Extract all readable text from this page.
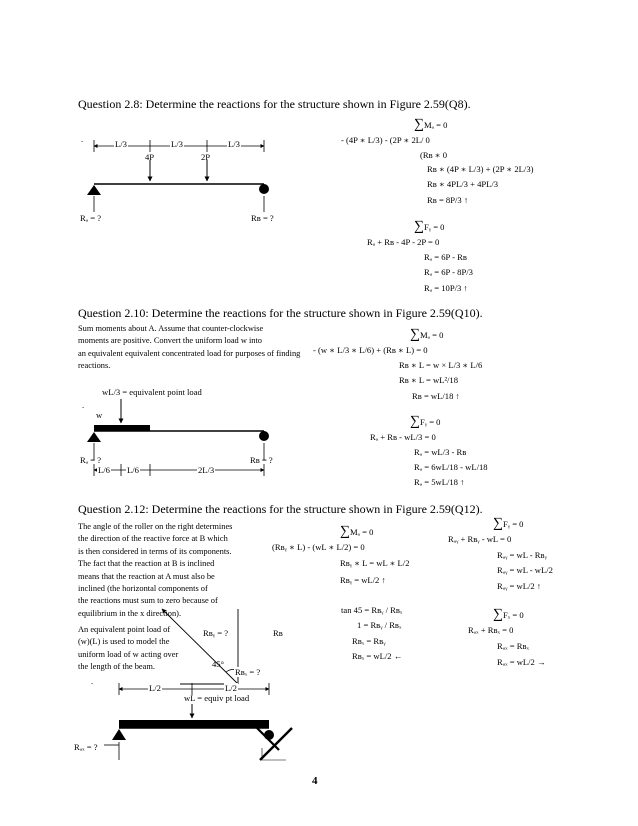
Question 2.8: Determine the reactions for the structure shown in Figure 2.59(Q8).
.	L/3	L/3	L/3
4P	2P
Rₐ = ?	Rʙ = ?
∑Mₐ = 0
- (4P ∗ L/3) - (2P ∗ 2L/ 0
(Rʙ ∗ 0
Rʙ ∗ (4P ∗ L/3) + (2P ∗ 2L/3)
Rʙ ∗ 4PL/3 + 4PL/3
Rʙ = 8P/3 ↑
∑Fᵧ = 0
Rₐ + Rʙ - 4P - 2P = 0
Rₐ = 6P - Rʙ
Rₐ = 6P - 8P/3
Rₐ = 10P/3 ↑
Question 2.10: Determine the reactions for the structure shown in Figure 2.59(Q10).
Sum moments about A. Assume that counter-clockwise
moments are positive. Convert the uniform load w into
an equivalent equivalent concentrated load for purposes of finding
reactions.
wL/3 = equivalent point load
.
w
Rₐ = ?	Rʙ = ?
L/6 L/6	2L/3
∑Mₐ = 0
- (w ∗ L/3 ∗ L/6) + (Rʙ ∗ L) = 0
Rʙ ∗ L = w × L/3 ∗ L/6
Rʙ ∗ L = wL²/18
Rʙ = wL/18 ↑
∑Fᵧ = 0
Rₐ + Rʙ - wL/3 = 0
Rₐ = wL/3 - Rʙ
Rₐ = 6wL/18 - wL/18
Rₐ = 5wL/18 ↑
Question 2.12: Determine the reactions for the structure shown in Figure 2.59(Q12).
The angle of the roller on the right determines
the direction of the reactive force at B which
is then considered in terms of its components.
The fact that the reaction at B is inclined
means that the reaction at A must also be
inclined (the horizontal components of
the reactions must sum to zero because of
equilibrium in the x direction).
An equivalent point load of
(w)(L) is used to model the
uniform load of w acting over
the length of the beam.
Rʙᵧ = ?	Rʙ
45°
Rʙₓ = ?
.
L/2	L/2
wL = equiv pt load
Rₐₓ = ?
∑Mₐ = 0
(Rʙᵧ ∗ L) - (wL ∗ L/2) = 0
Rʙᵧ ∗ L = wL ∗ L/2
Rʙᵧ = wL/2 ↑
tan 45 = Rʙᵧ / Rʙₓ
1 = Rʙᵧ / Rʙₓ
Rʙₓ = Rʙᵧ
Rʙₓ = wL/2 ←
∑Fᵧ = 0
Rₐᵧ + Rʙᵧ - wL = 0
Rₐᵧ = wL - Rʙᵧ
Rₐᵧ = wL - wL/2
Rₐᵧ = wL/2 ↑
∑Fₓ = 0
Rₐₓ + Rʙₓ = 0
Rₐₓ = Rʙₓ
Rₐₓ = wL/2 →
4
